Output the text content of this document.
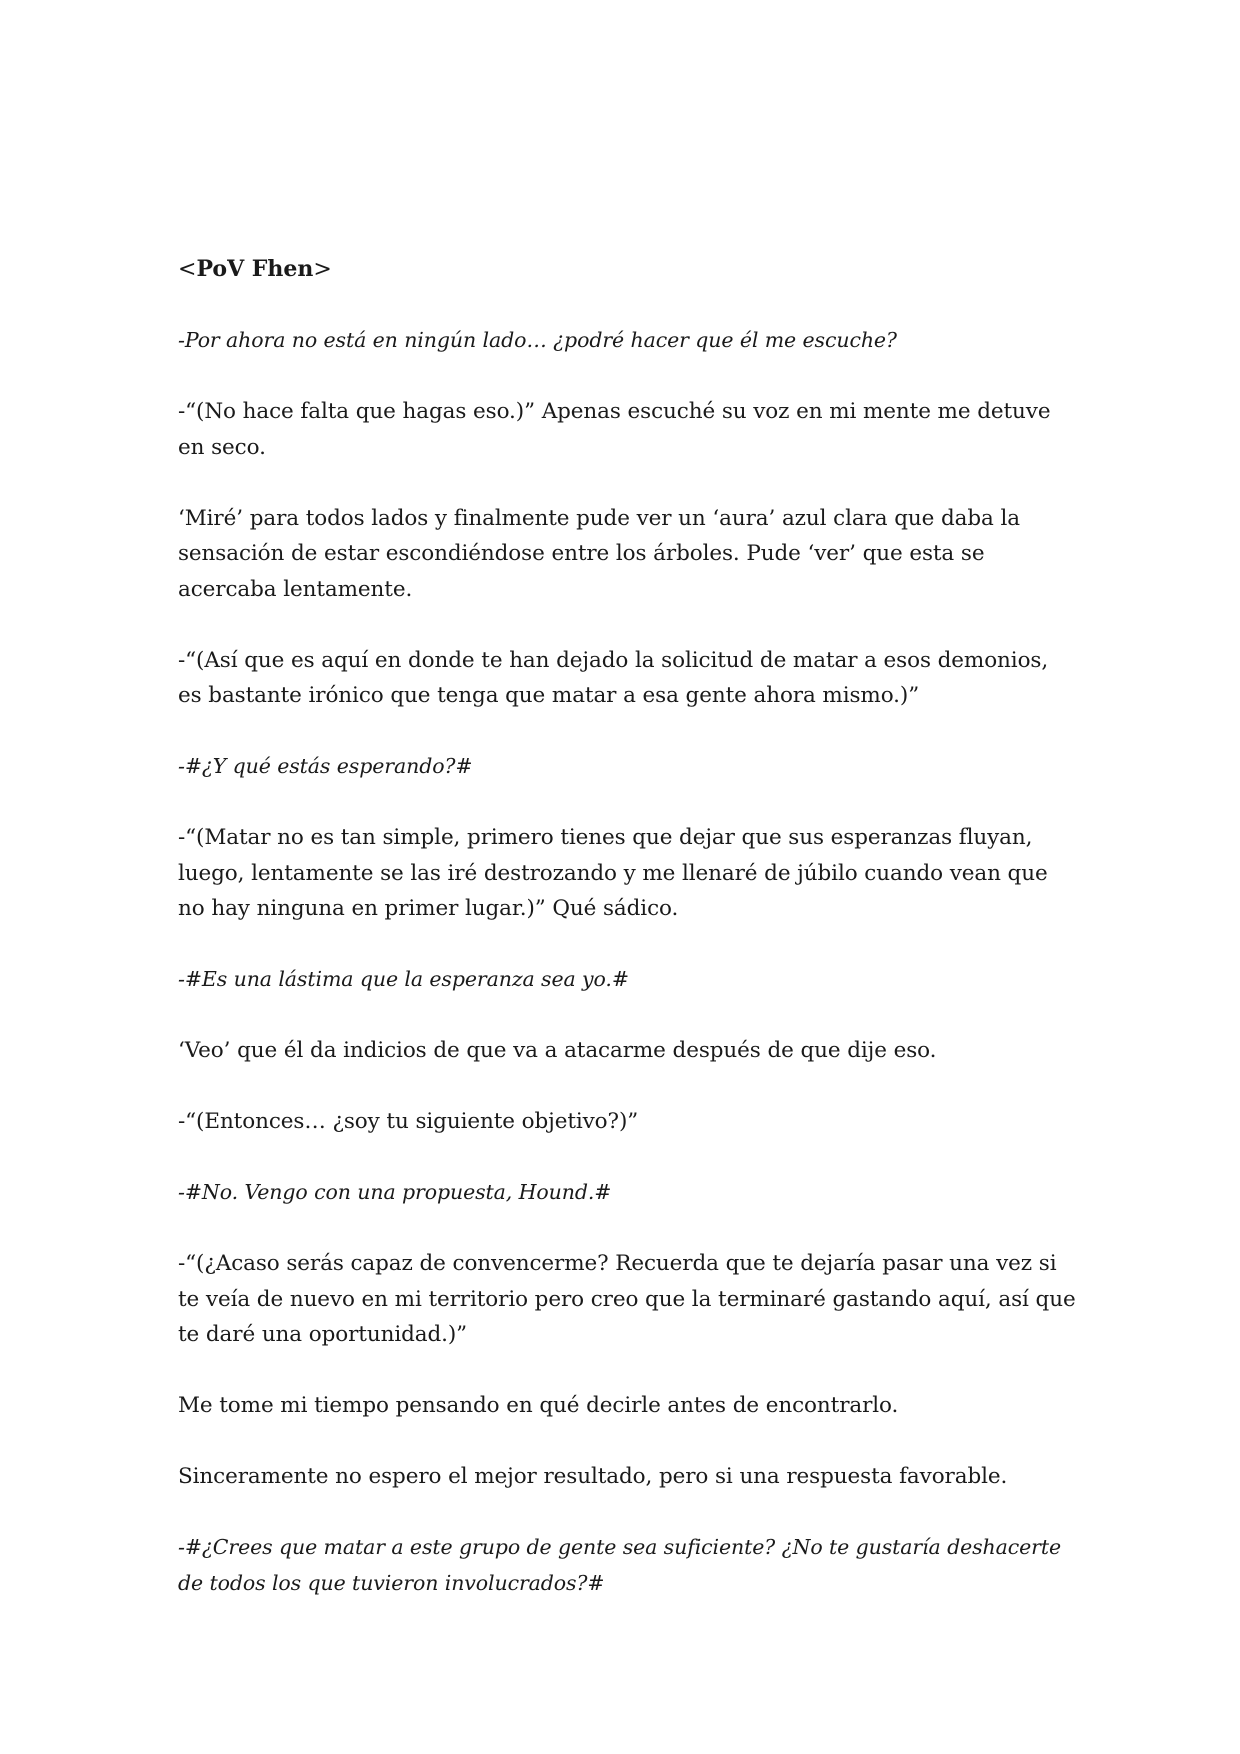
<PoV Fhen>

-Por ahora no está en ningún lado… ¿podré hacer que él me escuche?

-“(No hace falta que hagas eso.)” Apenas escuché su voz en mi mente me detuve en seco.

‘Miré’ para todos lados y finalmente pude ver un ‘aura’ azul clara que daba la sensación de estar escondiéndose entre los árboles. Pude ‘ver’ que esta se acercaba lentamente.

-“(Así que es aquí en donde te han dejado la solicitud de matar a esos demonios, es bastante irónico que tenga que matar a esa gente ahora mismo.)”

-#¿Y qué estás esperando?#

-“(Matar no es tan simple, primero tienes que dejar que sus esperanzas fluyan, luego, lentamente se las iré destrozando y me llenaré de júbilo cuando vean que no hay ninguna en primer lugar.)” Qué sádico.

-#Es una lástima que la esperanza sea yo.#

‘Veo’ que él da indicios de que va a atacarme después de que dije eso.

-“(Entonces… ¿soy tu siguiente objetivo?)”

-#No. Vengo con una propuesta, Hound.#

-“(¿Acaso serás capaz de convencerme? Recuerda que te dejaría pasar una vez si te veía de nuevo en mi territorio pero creo que la terminaré gastando aquí, así que te daré una oportunidad.)”

Me tome mi tiempo pensando en qué decirle antes de encontrarlo.

Sinceramente no espero el mejor resultado, pero si una respuesta favorable.

-#¿Crees que matar a este grupo de gente sea suficiente? ¿No te gustaría deshacerte de todos los que tuvieron involucrados?#
